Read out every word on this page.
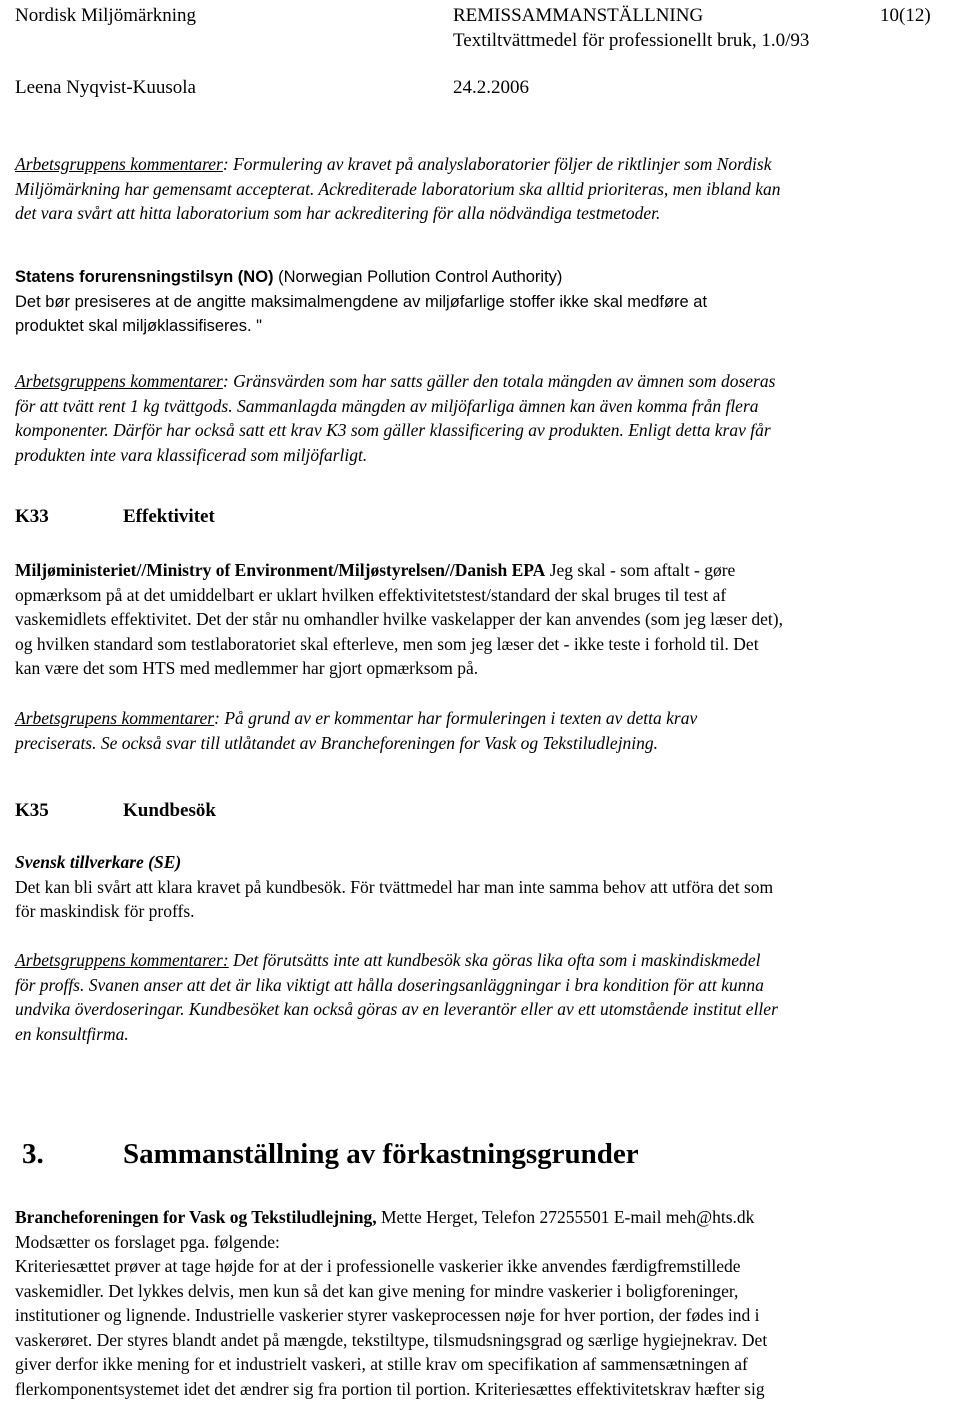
Nordisk Miljömärkning	REMISSAMMANSTÄLLNING	10(12)
Textiltvättmedel för professionellt bruk, 1.0/93
Leena Nyqvist-Kuusola	24.2.2006
Arbetsgruppens kommentarer: Formulering av kravet på analyslaboratorier följer de riktlinjer som Nordisk
Miljömärkning har gemensamt accepterat. Ackrediterade laboratorium ska alltid prioriteras, men ibland kan
det vara svårt att hitta laboratorium som har ackreditering för alla nödvändiga testmetoder.
Statens forurensningstilsyn (NO) (Norwegian Pollution Control Authority)
Det bør presiseres at de angitte maksimalmengdene av miljøfarlige stoffer ikke skal medføre at
produktet skal miljøklassifiseres. "
Arbetsgruppens kommentarer: Gränsvärden som har satts gäller den totala mängden av ämnen som doseras
för att tvätt rent 1 kg tvättgods. Sammanlagda mängden av miljöfarliga ämnen kan även komma från flera
komponenter. Därför har också satt ett krav K3 som gäller klassificering av produkten. Enligt detta krav får
produkten inte vara klassificerad som miljöfarligt.
K33	Effektivitet
Miljøministeriet//Ministry of Environment/Miljøstyrelsen//Danish EPA Jeg skal - som aftalt - gøre
opmærksom på at det umiddelbart er uklart hvilken effektivitetstest/standard der skal bruges til test af
vaskemidlets effektivitet. Det der står nu omhandler hvilke vaskelapper der kan anvendes (som jeg læser det),
og hvilken standard som testlaboratoriet skal efterleve, men som jeg læser det - ikke teste i forhold til. Det
kan være det som HTS med medlemmer har gjort opmærksom på.
Arbetsgrupens kommentarer: På grund av er kommentar har formuleringen i texten av detta krav
preciserats. Se också svar till utlåtandet av Brancheforeningen for Vask og Tekstiludlejning.
K35	Kundbesök
Svensk tillverkare (SE)
Det kan bli svårt att klara kravet på kundbesök. För tvättmedel har man inte samma behov att utföra det som
för maskindisk för proffs.
Arbetsgruppens kommentarer: Det förutsätts inte att kundbesök ska göras lika ofta som i maskindiskmedel
för proffs. Svanen anser att det är lika viktigt att hålla doseringsanläggningar i bra kondition för att kunna
undvika överdoseringar. Kundbesöket kan också göras av en leverantör eller av ett utomstående institut eller
en konsultfirma.
3.	Sammanställning av förkastningsgrunder
Brancheforeningen for Vask og Tekstiludlejning, Mette Herget, Telefon 27255501 E-mail meh@hts.dk
Modsætter os forslaget pga. følgende:
Kriteriesættet prøver at tage højde for at der i professionelle vaskerier ikke anvendes færdigfremstillede
vaskemidler. Det lykkes delvis, men kun så det kan give mening for mindre vaskerier i boligforeninger,
institutioner og lignende. Industrielle vaskerier styrer vaskeprocessen nøje for hver portion, der fødes ind i
vaskerøret. Der styres blandt andet på mængde, tekstiltype, tilsmudsningsgrad og særlige hygiejnekrav. Det
giver derfor ikke mening for et industrielt vaskeri, at stille krav om specifikation af sammensætningen af
flerkomponentsystemet idet det ændrer sig fra portion til portion. Kriteriesættes effektivitetskrav hæfter sig
